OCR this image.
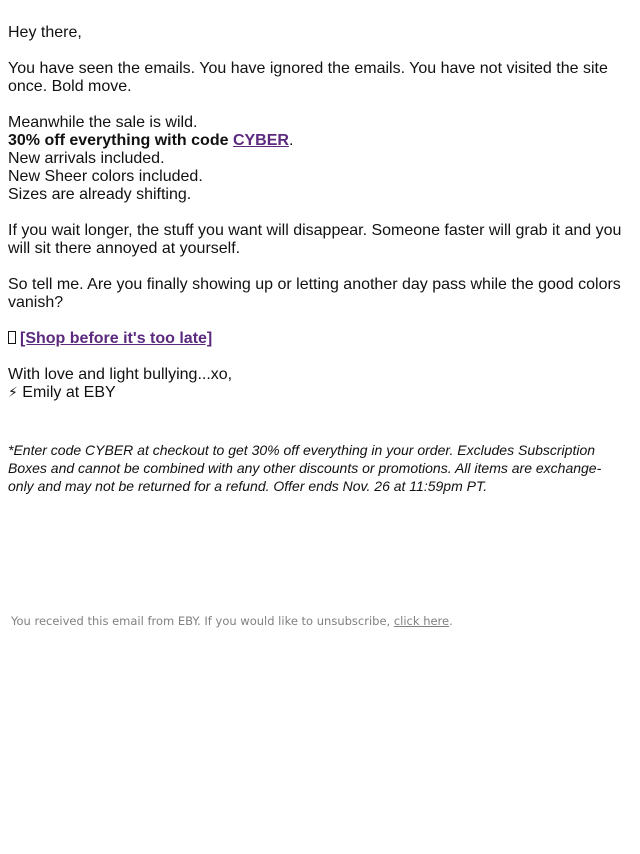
Hey there,

You have seen the emails. You have ignored the emails. You have not visited the site once. Bold move.

Meanwhile the sale is wild.
30% off everything with code CYBER.
New arrivals included.
New Sheer colors included.
Sizes are already shifting.

If you wait longer, the stuff you want will disappear. Someone faster will grab it and you will sit there annoyed at yourself.

So tell me. Are you finally showing up or letting another day pass while the good colors vanish?

[Shop before it's too late]
With love and light bullying...xo,
⚡ Emily at EBY

*Enter code CYBER at checkout to get 30% off everything in your order. Excludes Subscription Boxes and cannot be combined with any other discounts or promotions. All items are exchange-only and may not be returned for a refund. Offer ends Nov. 26 at 11:59pm PT.

You received this email from EBY. If you would like to unsubscribe, click here.
